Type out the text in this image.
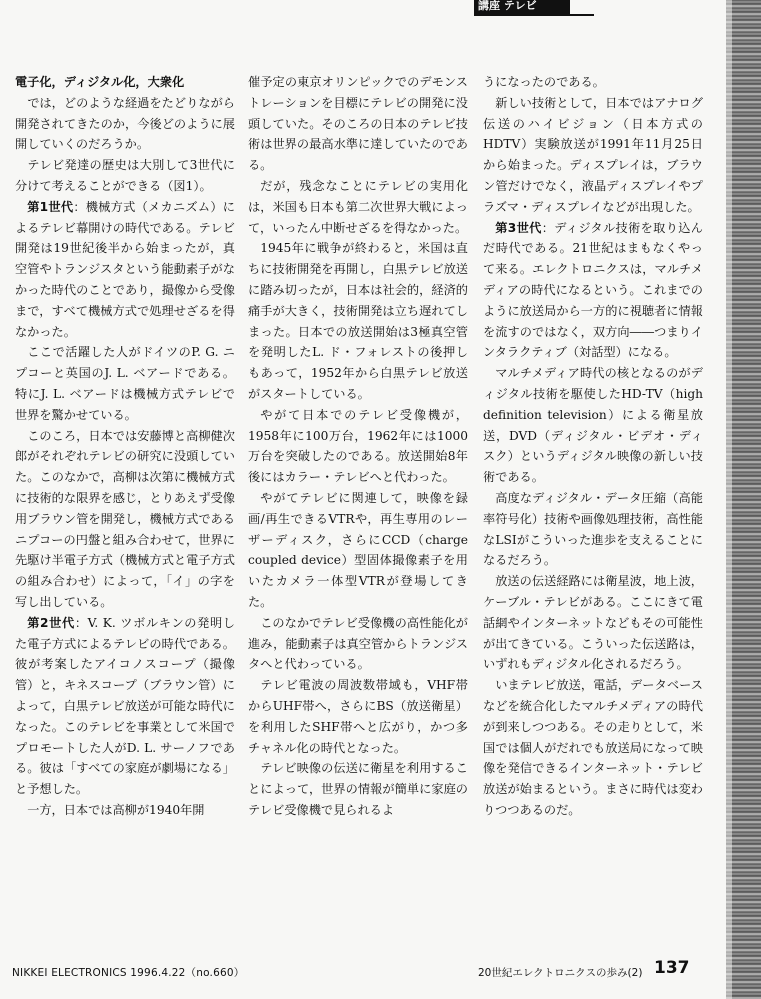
講座 テレビ
電子化，ディジタル化，大衆化

では，どのような経過をたどりながら開発されてきたのか，今後どのように展開していくのだろうか。

テレビ発達の歴史は大別して3世代に分けて考えることができる（図1）。

第1世代：機械方式（メカニズム）によるテレビ幕開けの時代である。テレビ開発は19世紀後半から始まったが，真空管やトランジスタという能動素子がなかった時代のことであり，撮像から受像まで，すべて機械方式で処理せざるを得なかった。

ここで活躍した人がドイツのP. G. ニプコーと英国のJ. L. ベアードである。特にJ. L. ベアードは機械方式テレビで世界を驚かせている。

このころ，日本では安藤博と高柳健次郎がそれぞれテレビの研究に没頭していた。このなかで，高柳は次第に機械方式に技術的な限界を感じ，とりあえず受像用ブラウン管を開発し，機械方式であるニプコーの円盤と組み合わせて，世界に先駆け半電子方式（機械方式と電子方式の組み合わせ）によって，「イ」の字を写し出している。

第2世代：V. K. ツボルキンの発明した電子方式によるテレビの時代である。彼が考案したアイコノスコープ（撮像管）と，キネスコープ（ブラウン管）によって，白黒テレビ放送が可能な時代になった。このテレビを事業として米国でプロモートした人がD. L. サーノフである。彼は「すべての家庭が劇場になる」と予想した。

一方，日本では高柳が1940年開

催予定の東京オリンピックでのデモンストレーションを目標にテレビの開発に没頭していた。そのころの日本のテレビ技術は世界の最高水準に達していたのである。

だが，残念なことにテレビの実用化は，米国も日本も第二次世界大戦によって，いったん中断せざるを得なかった。

1945年に戦争が終わると，米国は直ちに技術開発を再開し，白黒テレビ放送に踏み切ったが，日本は社会的，経済的痛手が大きく，技術開発は立ち遅れてしまった。日本での放送開始は3極真空管を発明したL. ド・フォレストの後押しもあって，1952年から白黒テレビ放送がスタートしている。

やがて日本でのテレビ受像機が，1958年に100万台，1962年には1000万台を突破したのである。放送開始8年後にはカラー・テレビへと代わった。

やがてテレビに関連して，映像を録画/再生できるVTRや，再生専用のレーザーディスク，さらにCCD（charge coupled device）型固体撮像素子を用いたカメラ一体型VTRが登場してきた。

このなかでテレビ受像機の高性能化が進み，能動素子は真空管からトランジスタへと代わっている。

テレビ電波の周波数帯域も，VHF帯からUHF帯へ，さらにBS（放送衛星）を利用したSHF帯へと広がり，かつ多チャネル化の時代となった。

テレビ映像の伝送に衛星を利用することによって，世界の情報が簡単に家庭のテレビ受像機で見られるよ

うになったのである。

新しい技術として，日本ではアナログ伝送のハイビジョン（日本方式のHDTV）実験放送が1991年11月25日から始まった。ディスプレイは，ブラウン管だけでなく，液晶ディスプレイやプラズマ・ディスプレイなどが出現した。

第3世代：ディジタル技術を取り込んだ時代である。21世紀はまもなくやって来る。エレクトロニクスは，マルチメディアの時代になるという。これまでのように放送局から一方的に視聴者に情報を流すのではなく，双方向――つまりインタラクティブ（対話型）になる。

マルチメディア時代の核となるのがディジタル技術を駆使したHD-TV（high definition television）による衛星放送，DVD（ディジタル・ビデオ・ディスク）というディジタル映像の新しい技術である。

高度なディジタル・データ圧縮（高能率符号化）技術や画像処理技術，高性能なLSIがこういった進歩を支えることになるだろう。

放送の伝送経路には衛星波，地上波，ケーブル・テレビがある。ここにきて電話網やインターネットなどもその可能性が出てきている。こういった伝送路は，いずれもディジタル化されるだろう。

いまテレビ放送，電話，データベースなどを統合化したマルチメディアの時代が到来しつつある。その走りとして，米国では個人がだれでも放送局になって映像を発信できるインターネット・テレビ放送が始まるという。まさに時代は変わりつつあるのだ。

NIKKEI ELECTRONICS 1996.4.22（no.660）	20世紀エレクトロニクスの歩み(2) 137
